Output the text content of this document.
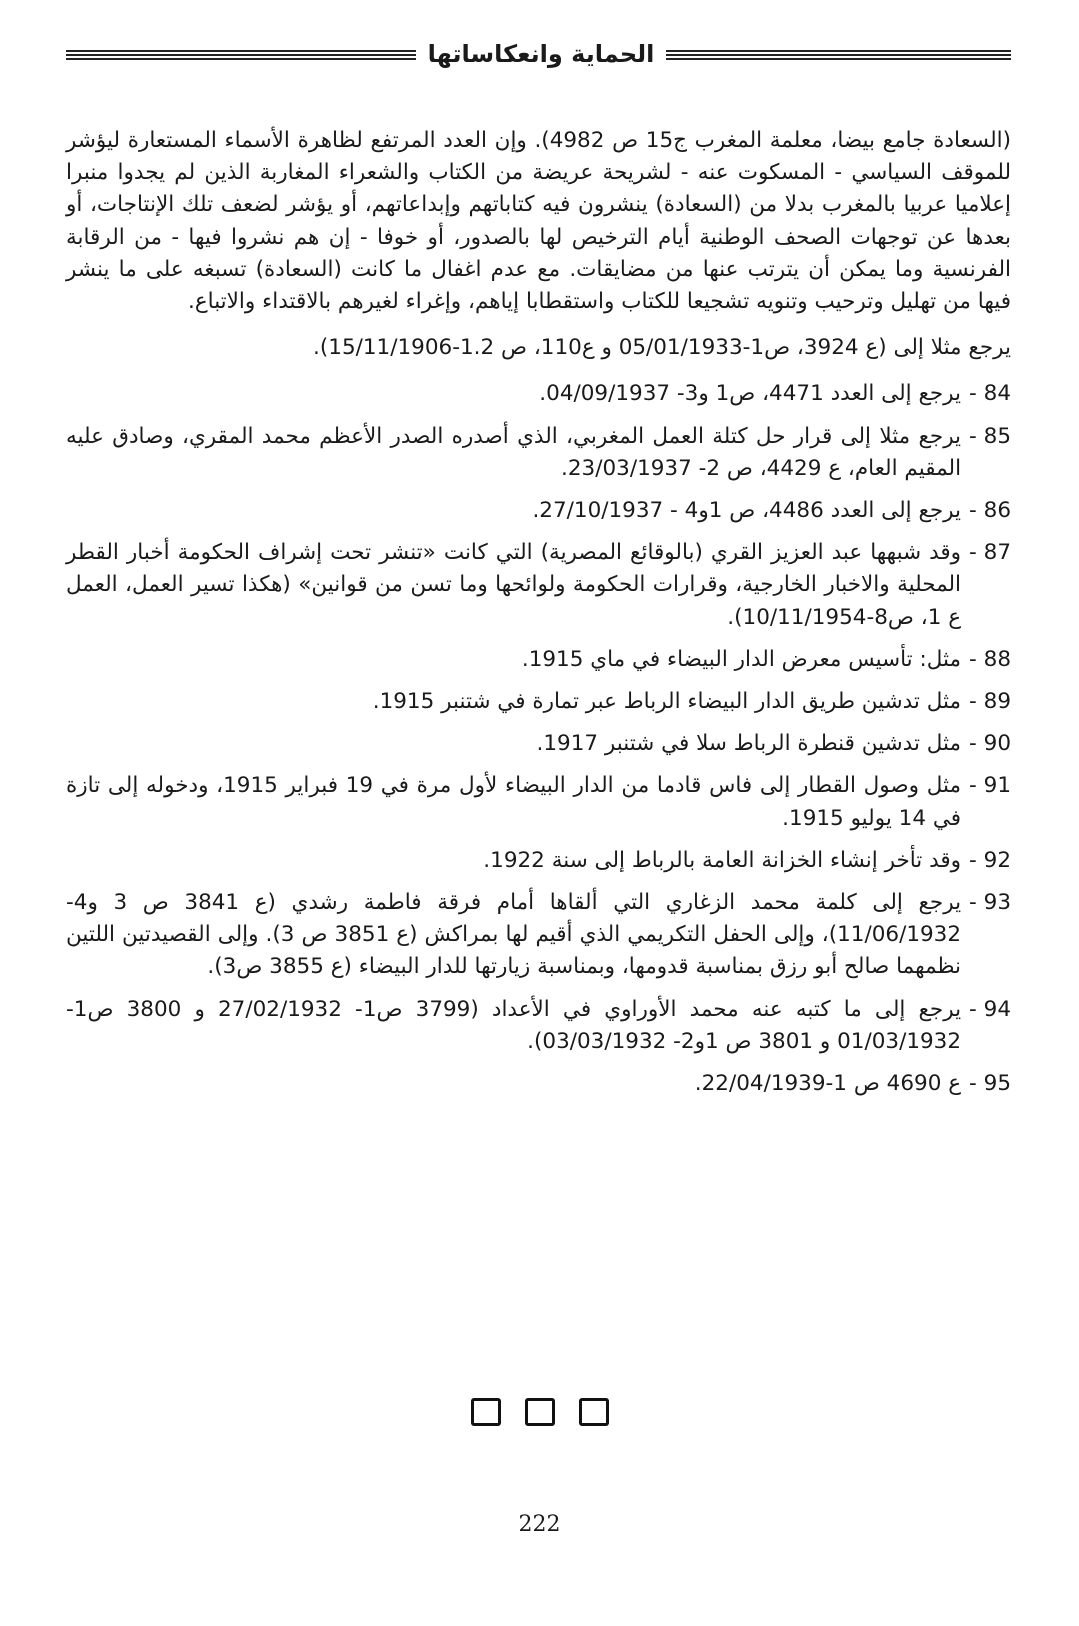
الحماية وانعكاساتها

(السعادة جامع بيضا، معلمة المغرب ج15 ص 4982). وإن العدد المرتفع لظاهرة الأسماء المستعارة ليؤشر للموقف السياسي - المسكوت عنه - لشريحة عريضة من الكتاب والشعراء المغاربة الذين لم يجدوا منبرا إعلاميا عربيا بالمغرب بدلا من (السعادة) ينشرون فيه كتاباتهم وإبداعاتهم، أو يؤشر لضعف تلك الإنتاجات، أو بعدها عن توجهات الصحف الوطنية أيام الترخيص لها بالصدور، أو خوفا - إن هم نشروا فيها - من الرقابة الفرنسية وما يمكن أن يترتب عنها من مضايقات. مع عدم اغفال ما كانت (السعادة) تسبغه على ما ينشر فيها من تهليل وترحيب وتنويه تشجيعا للكتاب واستقطابا إياهم، وإغراء لغيرهم بالاقتداء والاتباع.

يرجع مثلا إلى (ع 3924، ص1-05/01/1933 و ع110، ص 1.2-15/11/1906).

84 -
يرجع إلى العدد 4471، ص1 و3- 04/09/1937.
85 -
يرجع مثلا إلى قرار حل كتلة العمل المغربي، الذي أصدره الصدر الأعظم محمد المقري، وصادق عليه المقيم العام، ع 4429، ص 2- 23/03/1937.
86 -
يرجع إلى العدد 4486، ص 1و4 - 27/10/1937.
87 -
وقد شبهها عبد العزيز القري (بالوقائع المصرية) التي كانت «تنشر تحت إشراف الحكومة أخبار القطر المحلية والاخبار الخارجية، وقرارات الحكومة ولوائحها وما تسن من قوانين» (هكذا تسير العمل، العمل ع 1، ص8-10/11/1954).
88 -
مثل: تأسيس معرض الدار البيضاء في ماي 1915.
89 -
مثل تدشين طريق الدار البيضاء الرباط عبر تمارة في شتنبر 1915.
90 -
مثل تدشين قنطرة الرباط سلا في شتنبر 1917.
91 -
مثل وصول القطار إلى فاس قادما من الدار البيضاء لأول مرة في 19 فبراير 1915، ودخوله إلى تازة في 14 يوليو 1915.
92 -
وقد تأخر إنشاء الخزانة العامة بالرباط إلى سنة 1922.
93 -
يرجع إلى كلمة محمد الزغاري التي ألقاها أمام فرقة فاطمة رشدي (ع 3841 ص 3 و4- 11/06/1932)، وإلى الحفل التكريمي الذي أقيم لها بمراكش (ع 3851 ص 3). وإلى القصيدتين اللتين نظمهما صالح أبو رزق بمناسبة قدومها، وبمناسبة زيارتها للدار البيضاء (ع 3855 ص3).
94 -
يرجع إلى ما كتبه عنه محمد الأوراوي في الأعداد (3799 ص1- 27/02/1932 و 3800 ص1- 01/03/1932 و 3801 ص 1و2- 03/03/1932).
95 -
ع 4690 ص 1-22/04/1939.
222
